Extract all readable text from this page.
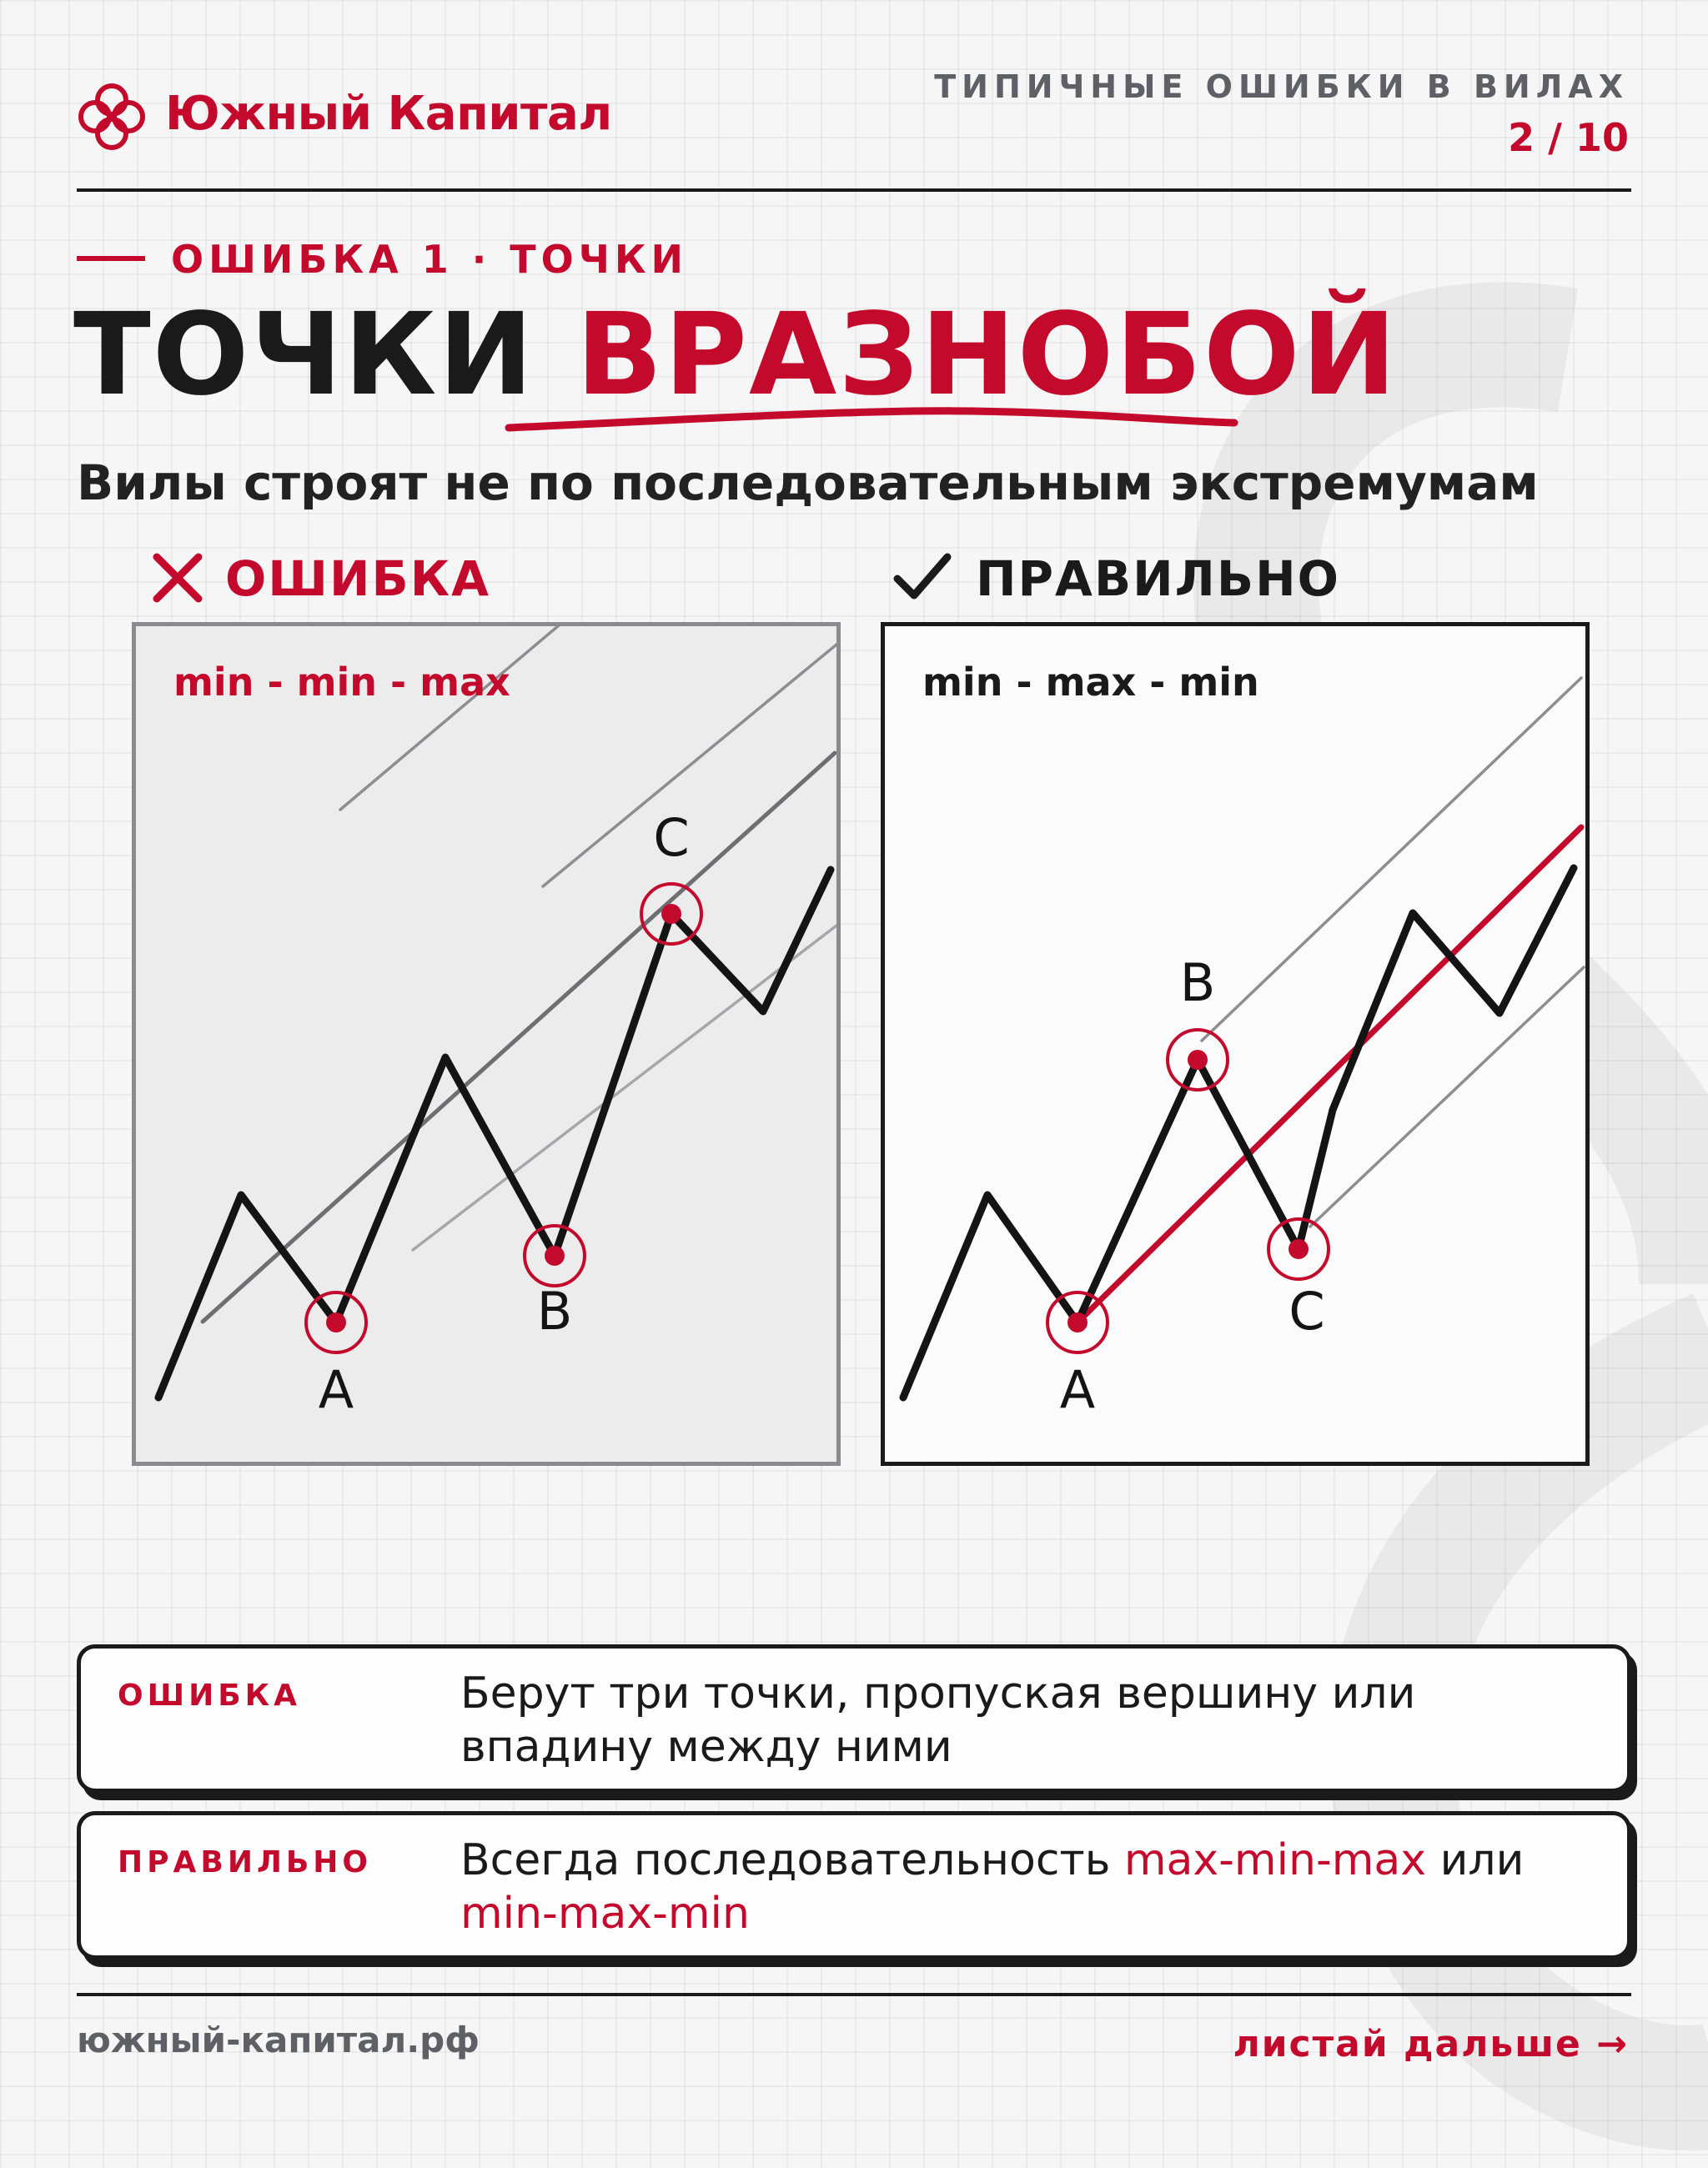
Южный Капитал	ТИПИЧНЫЕ ОШИБКИ В ВИЛАХ
2 / 10
ОШИБКА 1 · ТОЧКИ
ТОЧКИ ВРАЗНОБОЙ
Вилы строят не по последовательным экстремумам
ОШИБКА	ПРАВИЛЬНО
A
B
C
min - min - max
A
B
C
min - max - min
ОШИБКА	Берут три точки, пропуская вершину или впадину между ними
ПРАВИЛЬНО Всегда последовательность max-min-max или min-max-min
южный-капитал.рф	листай дальше →
